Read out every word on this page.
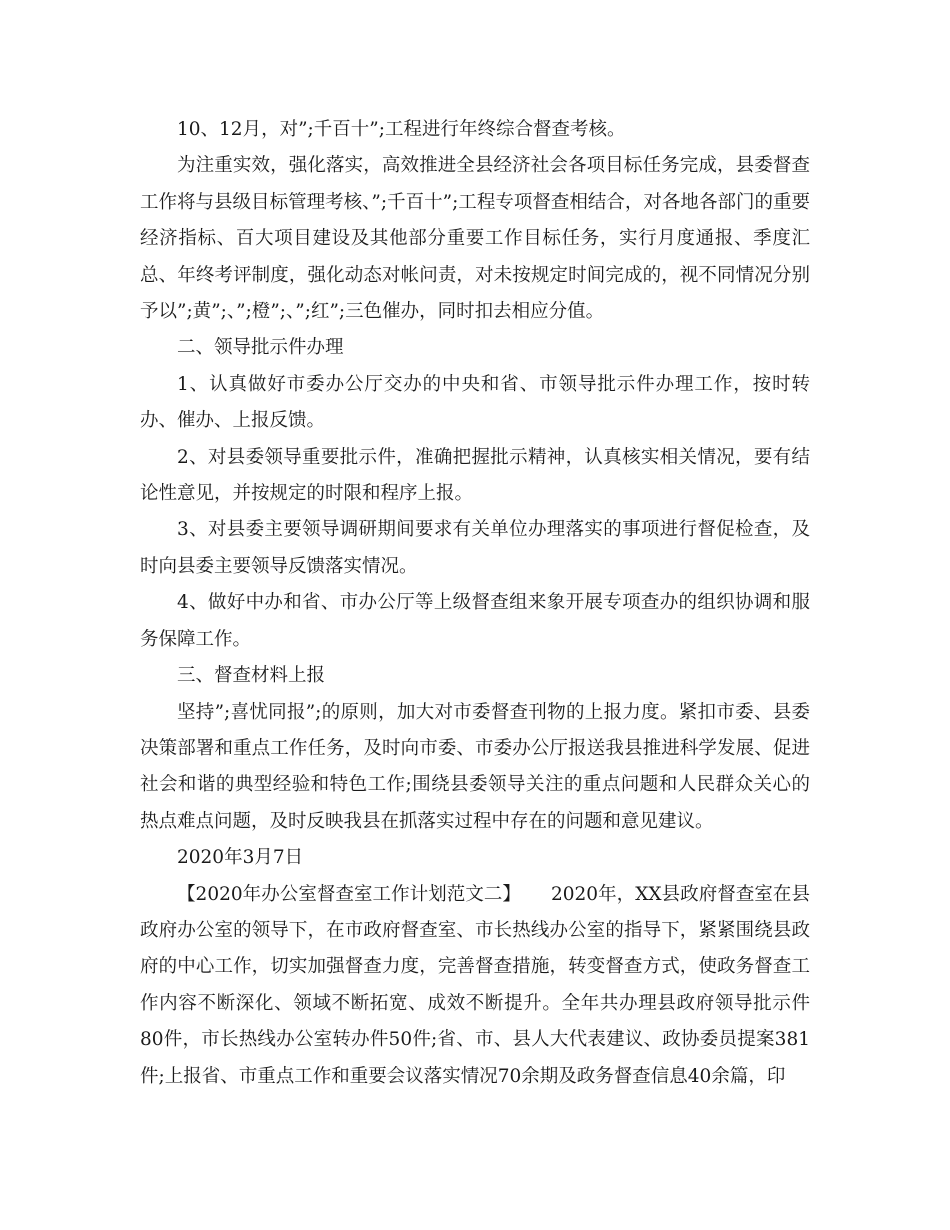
10、12月，对”;千百十”;工程进行年终综合督查考核。

为注重实效，强化落实，高效推进全县经济社会各项目标任务完成，县委督查工作将与县级目标管理考核、”;千百十”;工程专项督查相结合，对各地各部门的重要经济指标、百大项目建设及其他部分重要工作目标任务，实行月度通报、季度汇总、年终考评制度，强化动态对帐问责，对未按规定时间完成的，视不同情况分别予以”;黄”;、”;橙”;、”;红”;三色催办，同时扣去相应分值。

二、领导批示件办理

1、认真做好市委办公厅交办的中央和省、市领导批示件办理工作，按时转办、催办、上报反馈。

2、对县委领导重要批示件，准确把握批示精神，认真核实相关情况，要有结论性意见，并按规定的时限和程序上报。

3、对县委主要领导调研期间要求有关单位办理落实的事项进行督促检查，及时向县委主要领导反馈落实情况。

4、做好中办和省、市办公厅等上级督查组来象开展专项查办的组织协调和服务保障工作。

三、督查材料上报

坚持”;喜忧同报”;的原则，加大对市委督查刊物的上报力度。紧扣市委、县委决策部署和重点工作任务，及时向市委、市委办公厅报送我县推进科学发展、促进社会和谐的典型经验和特色工作;围绕县委领导关注的重点问题和人民群众关心的热点难点问题，及时反映我县在抓落实过程中存在的问题和意见建议。

2020年3月7日

【2020年办公室督查室工作计划范文二】 2020年，XX县政府督查室在县政府办公室的领导下，在市政府督查室、市长热线办公室的指导下，紧紧围绕县政府的中心工作，切实加强督查力度，完善督查措施，转变督查方式，使政务督查工作内容不断深化、领域不断拓宽、成效不断提升。全年共办理县政府领导批示件80件，市长热线办公室转办件50件;省、市、县人大代表建议、政协委员提案381件;上报省、市重点工作和重要会议落实情况70余期及政务督查信息40余篇，印
